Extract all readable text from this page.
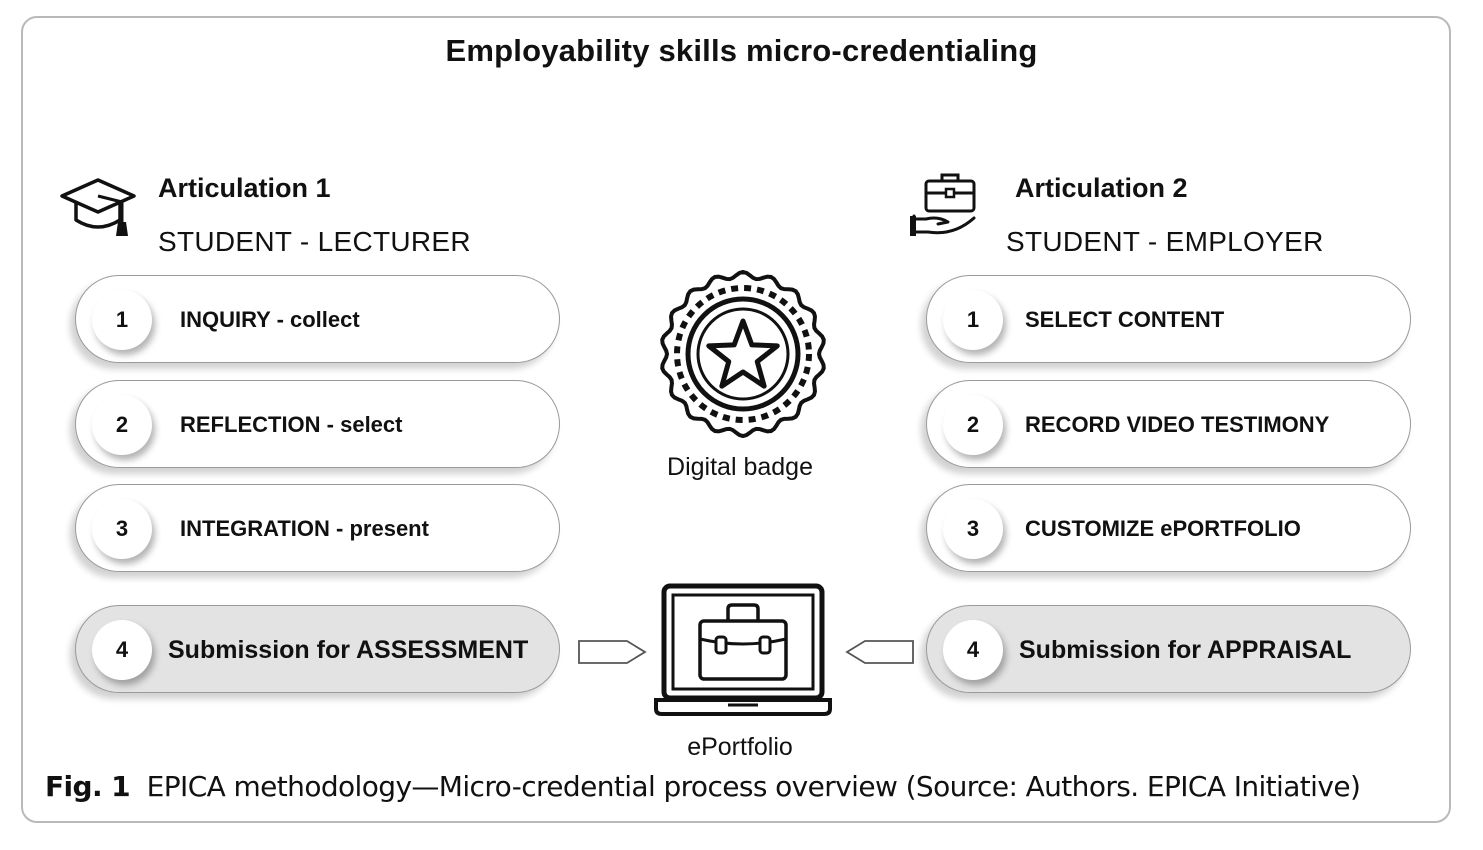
Employability skills micro-credentialing
Articulation 1
STUDENT - LECTURER
1	INQUIRY - collect
2	REFLECTION - select
3	INTEGRATION - present
4	Submission for ASSESSMENT
Articulation 2
STUDENT - EMPLOYER
1	SELECT CONTENT
2	RECORD VIDEO TESTIMONY
3	CUSTOMIZE ePORTFOLIO
4	Submission for APPRAISAL
Digital badge
ePortfolio
Fig. 1 EPICA methodology—Micro-credential process overview (Source: Authors. EPICA Initiative)
